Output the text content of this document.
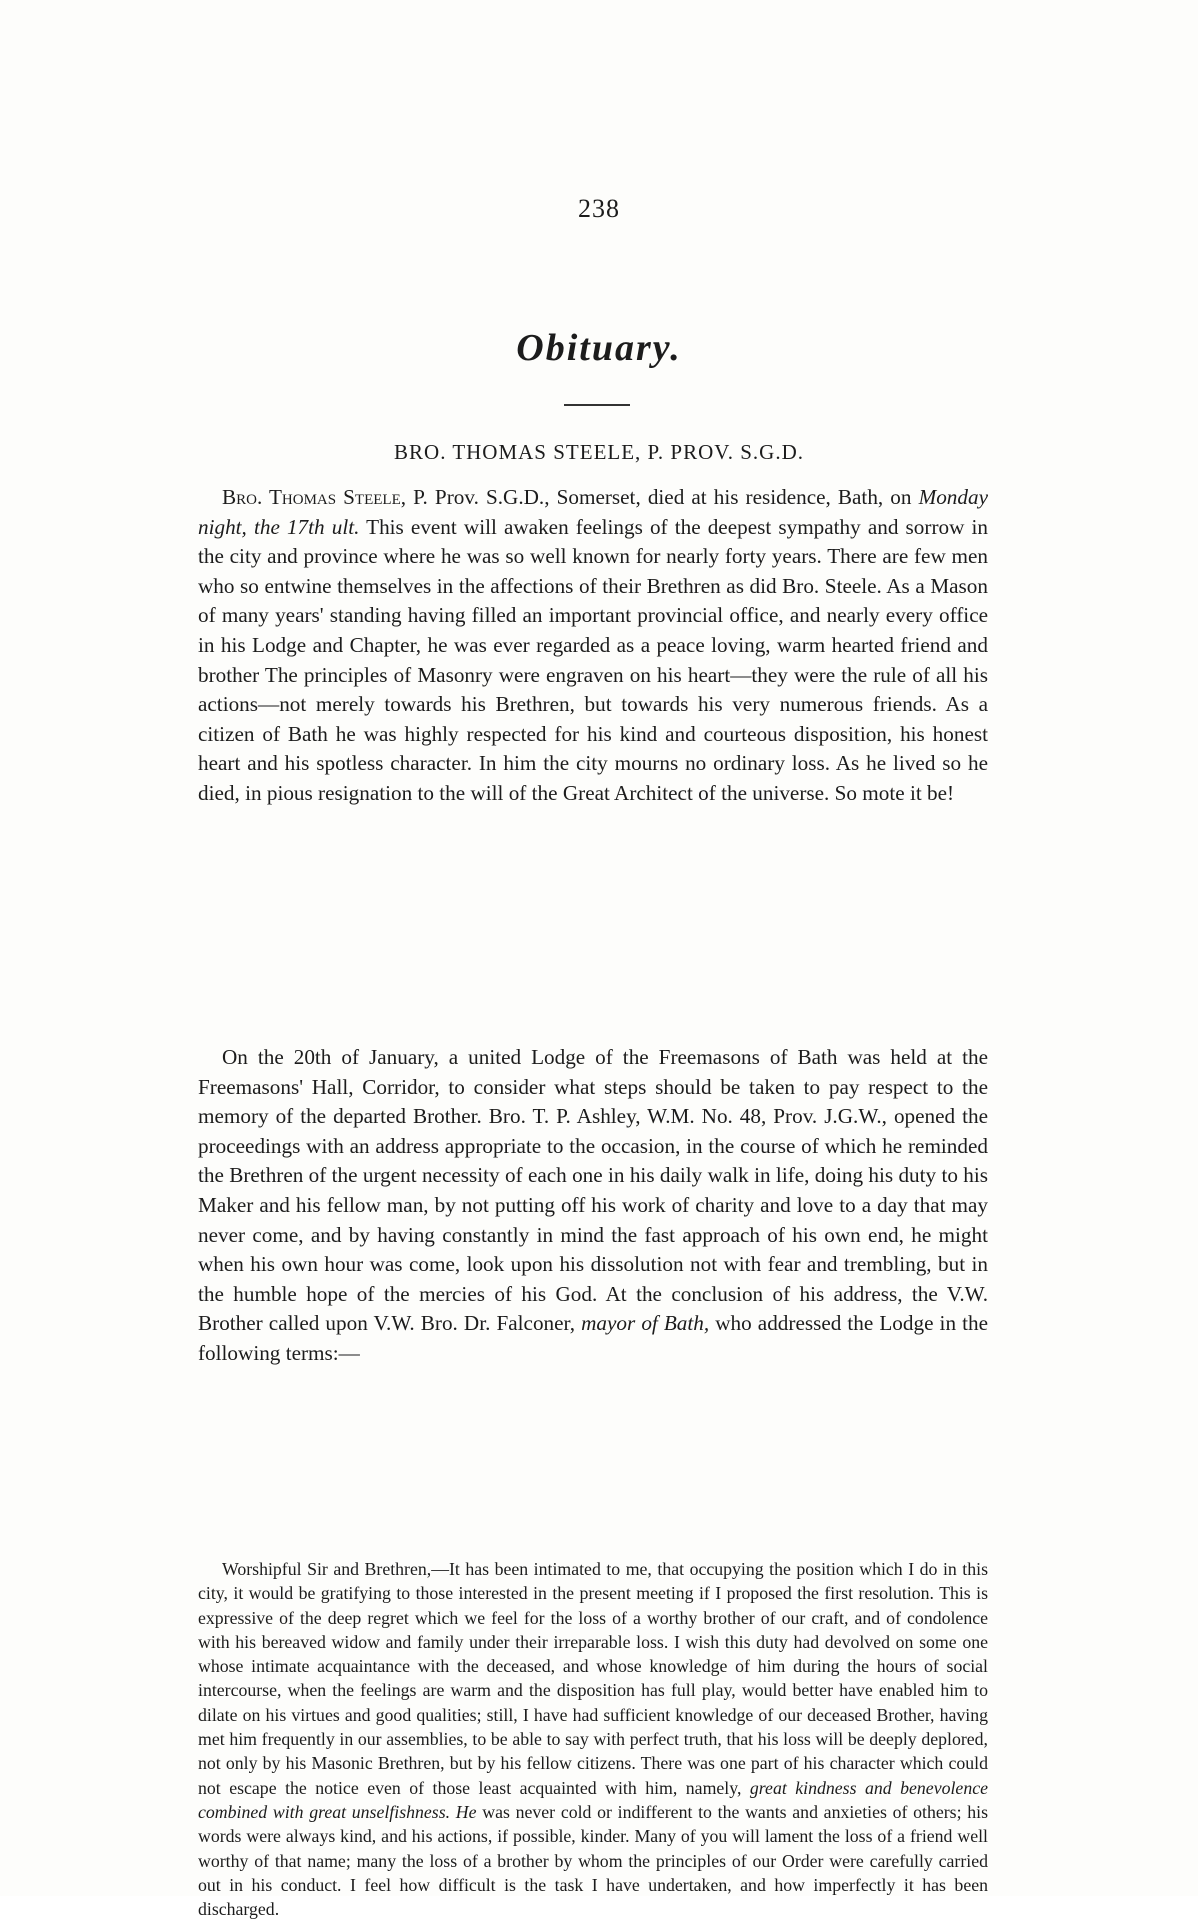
238
Obituary.
BRO. THOMAS STEELE, P. PROV. S.G.D.

Bro. Thomas Steele, P. Prov. S.G.D., Somerset, died at his residence, Bath, on Monday night, the 17th ult. This event will awaken feelings of the deepest sympathy and sorrow in the city and province where he was so well known for nearly forty years. There are few men who so entwine themselves in the affections of their Brethren as did Bro. Steele. As a Mason of many years' standing having filled an important provincial office, and nearly every office in his Lodge and Chapter, he was ever regarded as a peace loving, warm hearted friend and brother The principles of Masonry were engraven on his heart—they were the rule of all his actions—not merely towards his Brethren, but towards his very numerous friends. As a citizen of Bath he was highly respected for his kind and courteous disposition, his honest heart and his spotless character. In him the city mourns no ordinary loss. As he lived so he died, in pious resignation to the will of the Great Architect of the universe. So mote it be!

On the 20th of January, a united Lodge of the Freemasons of Bath was held at the Freemasons' Hall, Corridor, to consider what steps should be taken to pay respect to the memory of the departed Brother. Bro. T. P. Ashley, W.M. No. 48, Prov. J.G.W., opened the proceedings with an address appropriate to the occasion, in the course of which he reminded the Brethren of the urgent necessity of each one in his daily walk in life, doing his duty to his Maker and his fellow man, by not putting off his work of charity and love to a day that may never come, and by having constantly in mind the fast approach of his own end, he might when his own hour was come, look upon his dissolution not with fear and trembling, but in the humble hope of the mercies of his God. At the conclusion of his address, the V.W. Brother called upon V.W. Bro. Dr. Falconer, mayor of Bath, who addressed the Lodge in the following terms:—

Worshipful Sir and Brethren,—It has been intimated to me, that occupying the position which I do in this city, it would be gratifying to those interested in the present meeting if I proposed the first resolution. This is expressive of the deep regret which we feel for the loss of a worthy brother of our craft, and of condolence with his bereaved widow and family under their irreparable loss. I wish this duty had devolved on some one whose intimate acquaintance with the deceased, and whose knowledge of him during the hours of social intercourse, when the feelings are warm and the disposition has full play, would better have enabled him to dilate on his virtues and good qualities; still, I have had sufficient knowledge of our deceased Brother, having met him frequently in our assemblies, to be able to say with perfect truth, that his loss will be deeply deplored, not only by his Masonic Brethren, but by his fellow citizens. There was one part of his character which could not escape the notice even of those least acquainted with him, namely, great kindness and benevolence combined with great unselfishness. He was never cold or indifferent to the wants and anxieties of others; his words were always kind, and his actions, if possible, kinder. Many of you will lament the loss of a friend well worthy of that name; many the loss of a brother by whom the principles of our Order were carefully carried out in his conduct. I feel how difficult is the task I have undertaken, and how imperfectly it has been discharged.
